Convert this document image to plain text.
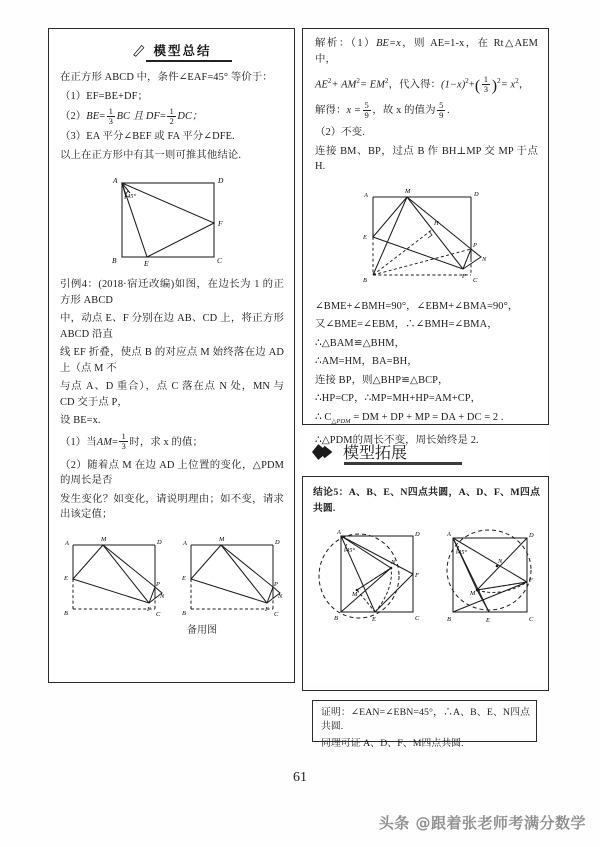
模型总结

在正方形 ABCD 中，条件∠EAF=45° 等价于：

（1）EF=BE+DF；

$(2)BE= \frac{1}{3}$ BC 且 $DF= \frac{1}{2}$ DC；

（3）EA 平分∠BEF 或 FA 平分∠DFE.

以上在正方形中有其一则可推其他结论.

A	D
B	C
E
F
45°

引例4：(2018·宿迁改编)如图，在边长为 1 的正方形 ABCD

中，动点 E、F 分别在边 AB、CD 上，将正方形 ABCD 沿直

线 EF 折叠，使点 B 的对应点 M 始终落在边 AD 上（点 M 不

与点 A、D 重合），点 C 落在点 N 处，MN 与 CD 交于点 P，

设 BE=x.

（1）当$AM= \frac{1}{3}$ 时，求 x 的值；

（2）随着点 M 在边 AD 上位置的变化，△PDM 的周长是否

发生变化？如变化，请说明理由；如不变，请求出该定值；

A
M	D
E
P
N
B
F
C
A
M	D
E
P
N
B
F
C
备用图

解析：（1）BE=x，则 AE=1-x，在 Rt△AEM 中，

$AE^2+ AM^2= EM^2$，代入得：$(1-x)^2+( \frac{1}{3} )^2= x^2$，

解得：$x = \frac{5}{9}$ ，故 x 的值为 $\frac{5}{9}$ .

（2）不变.

连接 BM、BP，过点 B 作 BH⊥MP 交 MP 于点 H.

A
M
H
D
E
P
N
B
F
C

∠BME+∠BMH=90°，∠EBM+∠BMA=90°，

又∠BME=∠EBM，∴∠BMH=∠BMA，

∴△BAM≌△BHM，

∴AM=HM，BA=BH，

连接 BP，则△BHP≌△BCP，

∴HP=CP，∴MP=MH+HP=AM+CP，

∴ $C_{\triangle PDM}$ = DM + DP + MP = DA + DC = 2 .

∴△PDM的周长不变，周长始终是 2.

模型拓展

结论5：A、B、E、N四点共圆，A、D、F、M四点共圆.

A	D
N
F
M
B	E	C
45°
A	D
N
F
M
B	E	C
45°

证明：∠EAN=∠EBN=45°，∴A、B、E、N四点共圆.

同理可证 A、D、F、M四点共圆.

61
头条 @跟着张老师考满分数学
